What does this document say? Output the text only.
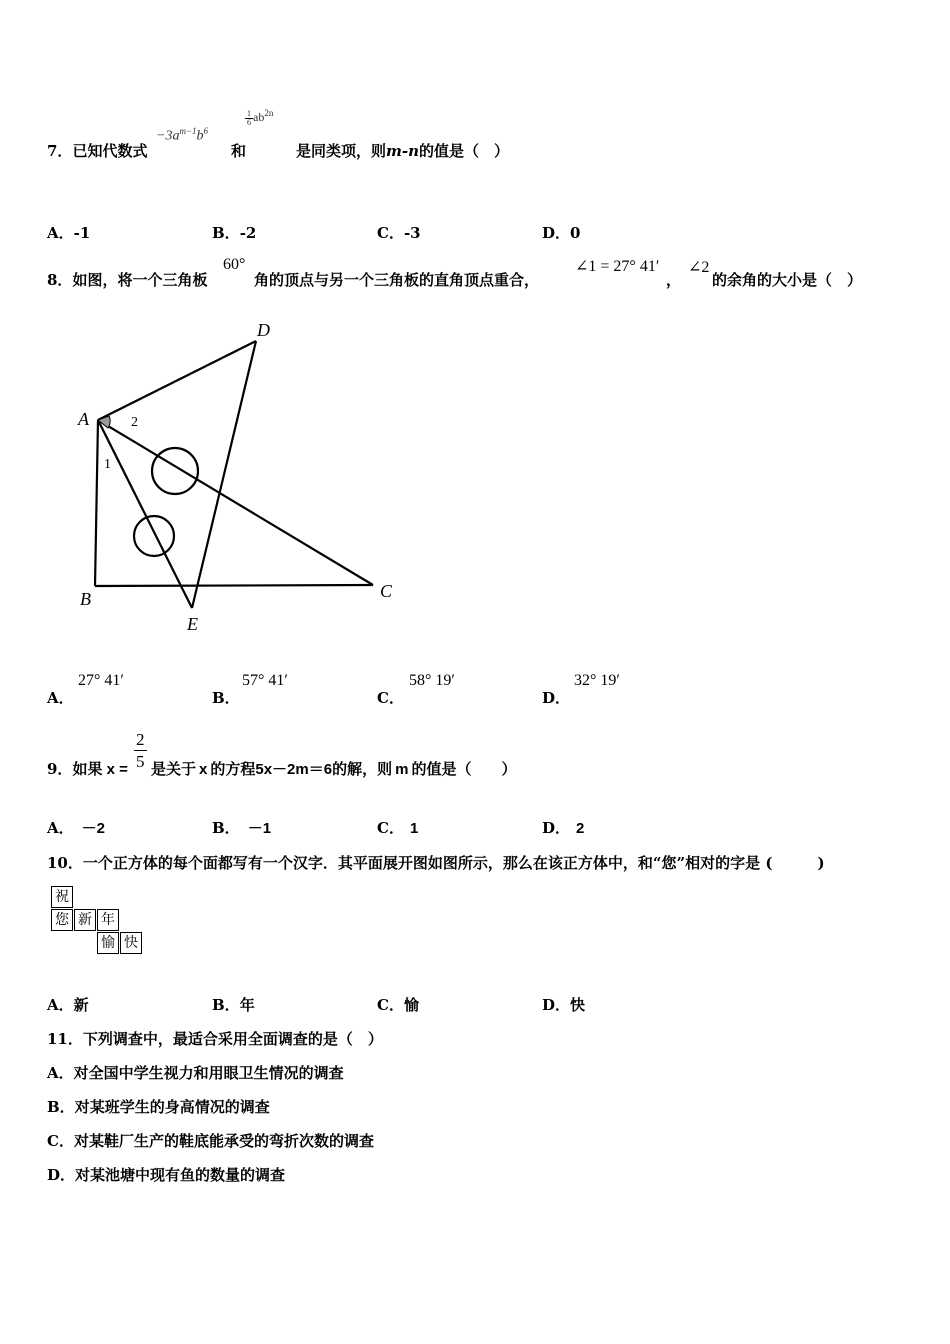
7．已知代数式
$-3a^{m-1}b^6$
和
$\frac{1}{6} ab^{2n}$
是同类项，则m-n的值是（　）
A．-1	B．-2	C．-3	D．0
8．如图，将一个三角板
60°
角的顶点与另一个三角板的直角顶点重合，
∠1 = 27° 41′
，
∠2
的余角的大小是（　）
A
B	C
D
E
1
2
A．
27° 41′
B．
57° 41′
C．
58° 19′
D．
32° 19′
9．如果 $x = \frac{2}{5}$ 是关于 x 的方程5x－2m＝6的解，则 m 的值是（　　）
A． －2	B． －1	C． 1	D． 2
10．一个正方体的每个面都写有一个汉字．其平面展开图如图所示，那么在该正方体中，和“您”相对的字是 (　　　)
祝
您 新 年
愉 快
A．新	B．年	C．愉	D．快
11．下列调查中，最适合采用全面调查的是（　）
A．对全国中学生视力和用眼卫生情况的调查
B．对某班学生的身高情况的调查
C．对某鞋厂生产的鞋底能承受的弯折次数的调查
D．对某池塘中现有鱼的数量的调查
